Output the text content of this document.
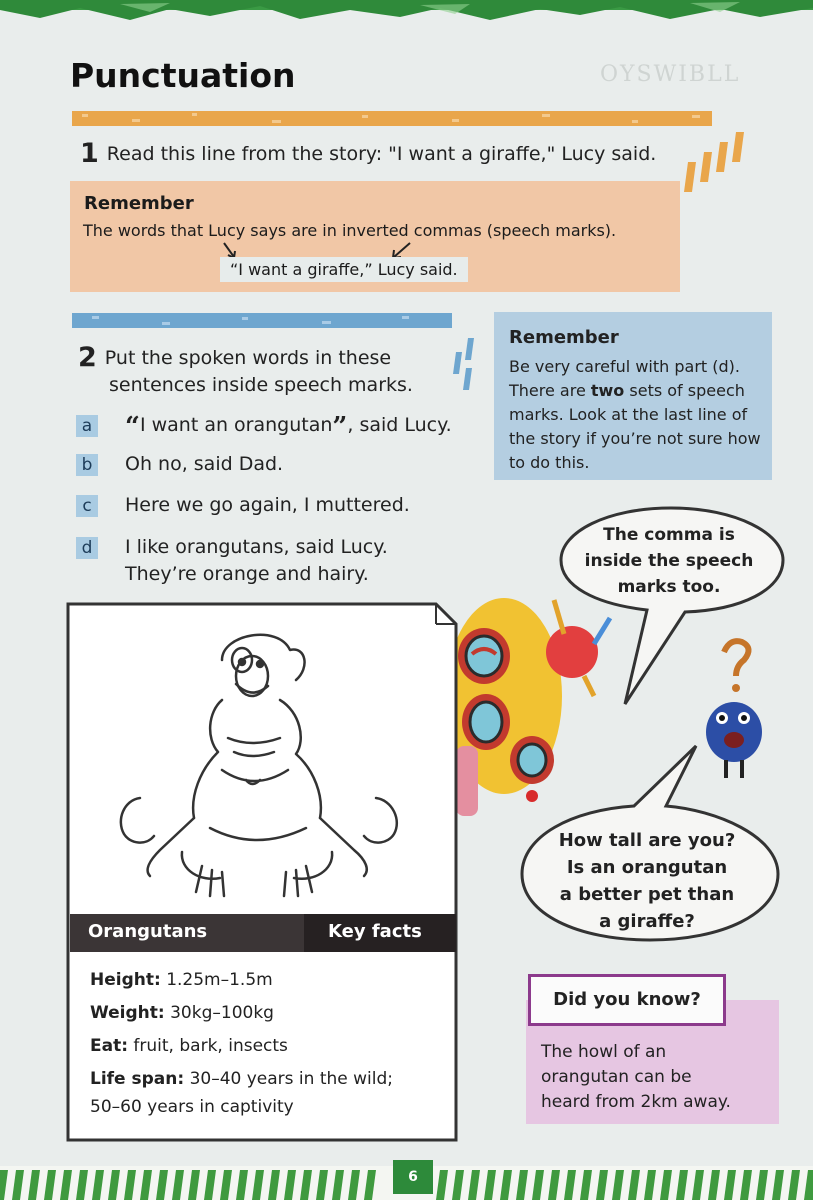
OYSWIBLL
Punctuation
1 Read this line from the story: "I want a giraffe," Lucy said.
Remember
The words that Lucy says are in inverted commas (speech marks).
“I want a giraffe,” Lucy said.
2 Put the spoken words in these
sentences inside speech marks.
a “I want an orangutan”, said Lucy.
b Oh no, said Dad.
c Here we go again, I muttered.
d I like orangutans, said Lucy.
They’re orange and hairy.
Remember
Be very careful with part (d). There are two sets of speech marks. Look at the last line of the story if you’re not sure how to do this.
The comma is
inside the speech
marks too.
How tall are you?
Is an orangutan
a better pet than
a giraffe?
Orangutans	Key facts
Height: 1.25m–1.5m
Weight: 30kg–100kg
Eat: fruit, bark, insects
Life span: 30–40 years in the wild;
50–60 years in captivity
Did you know?
The howl of an
orangutan can be
heard from 2km away.
6
